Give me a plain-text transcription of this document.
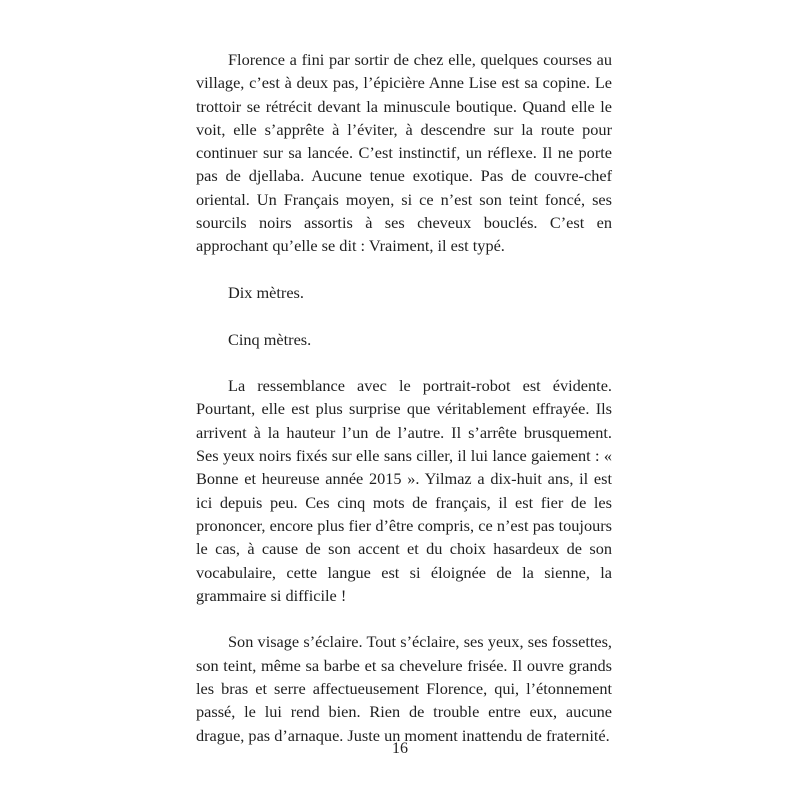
Florence a fini par sortir de chez elle, quelques courses au village, c’est à deux pas, l’épicière Anne Lise est sa copine. Le trottoir se rétrécit devant la minuscule boutique. Quand elle le voit, elle s’apprête à l’éviter, à descendre sur la route pour continuer sur sa lancée. C’est instinctif, un réflexe. Il ne porte pas de djellaba. Aucune tenue exotique. Pas de couvre-chef oriental. Un Français moyen, si ce n’est son teint foncé, ses sourcils noirs assortis à ses cheveux bouclés. C’est en approchant qu’elle se dit : Vraiment, il est typé.

Dix mètres.

Cinq mètres.

La ressemblance avec le portrait-robot est évidente. Pourtant, elle est plus surprise que véritablement effrayée. Ils arrivent à la hauteur l’un de l’autre. Il s’arrête brusquement. Ses yeux noirs fixés sur elle sans ciller, il lui lance gaiement : « Bonne et heureuse année 2015 ». Yilmaz a dix-huit ans, il est ici depuis peu. Ces cinq mots de français, il est fier de les prononcer, encore plus fier d’être compris, ce n’est pas toujours le cas, à cause de son accent et du choix hasardeux de son vocabulaire, cette langue est si éloignée de la sienne, la grammaire si difficile !

Son visage s’éclaire. Tout s’éclaire, ses yeux, ses fossettes, son teint, même sa barbe et sa chevelure frisée. Il ouvre grands les bras et serre affectueusement Florence, qui, l’étonnement passé, le lui rend bien. Rien de trouble entre eux, aucune drague, pas d’arnaque. Juste un moment inattendu de fraternité.

16
